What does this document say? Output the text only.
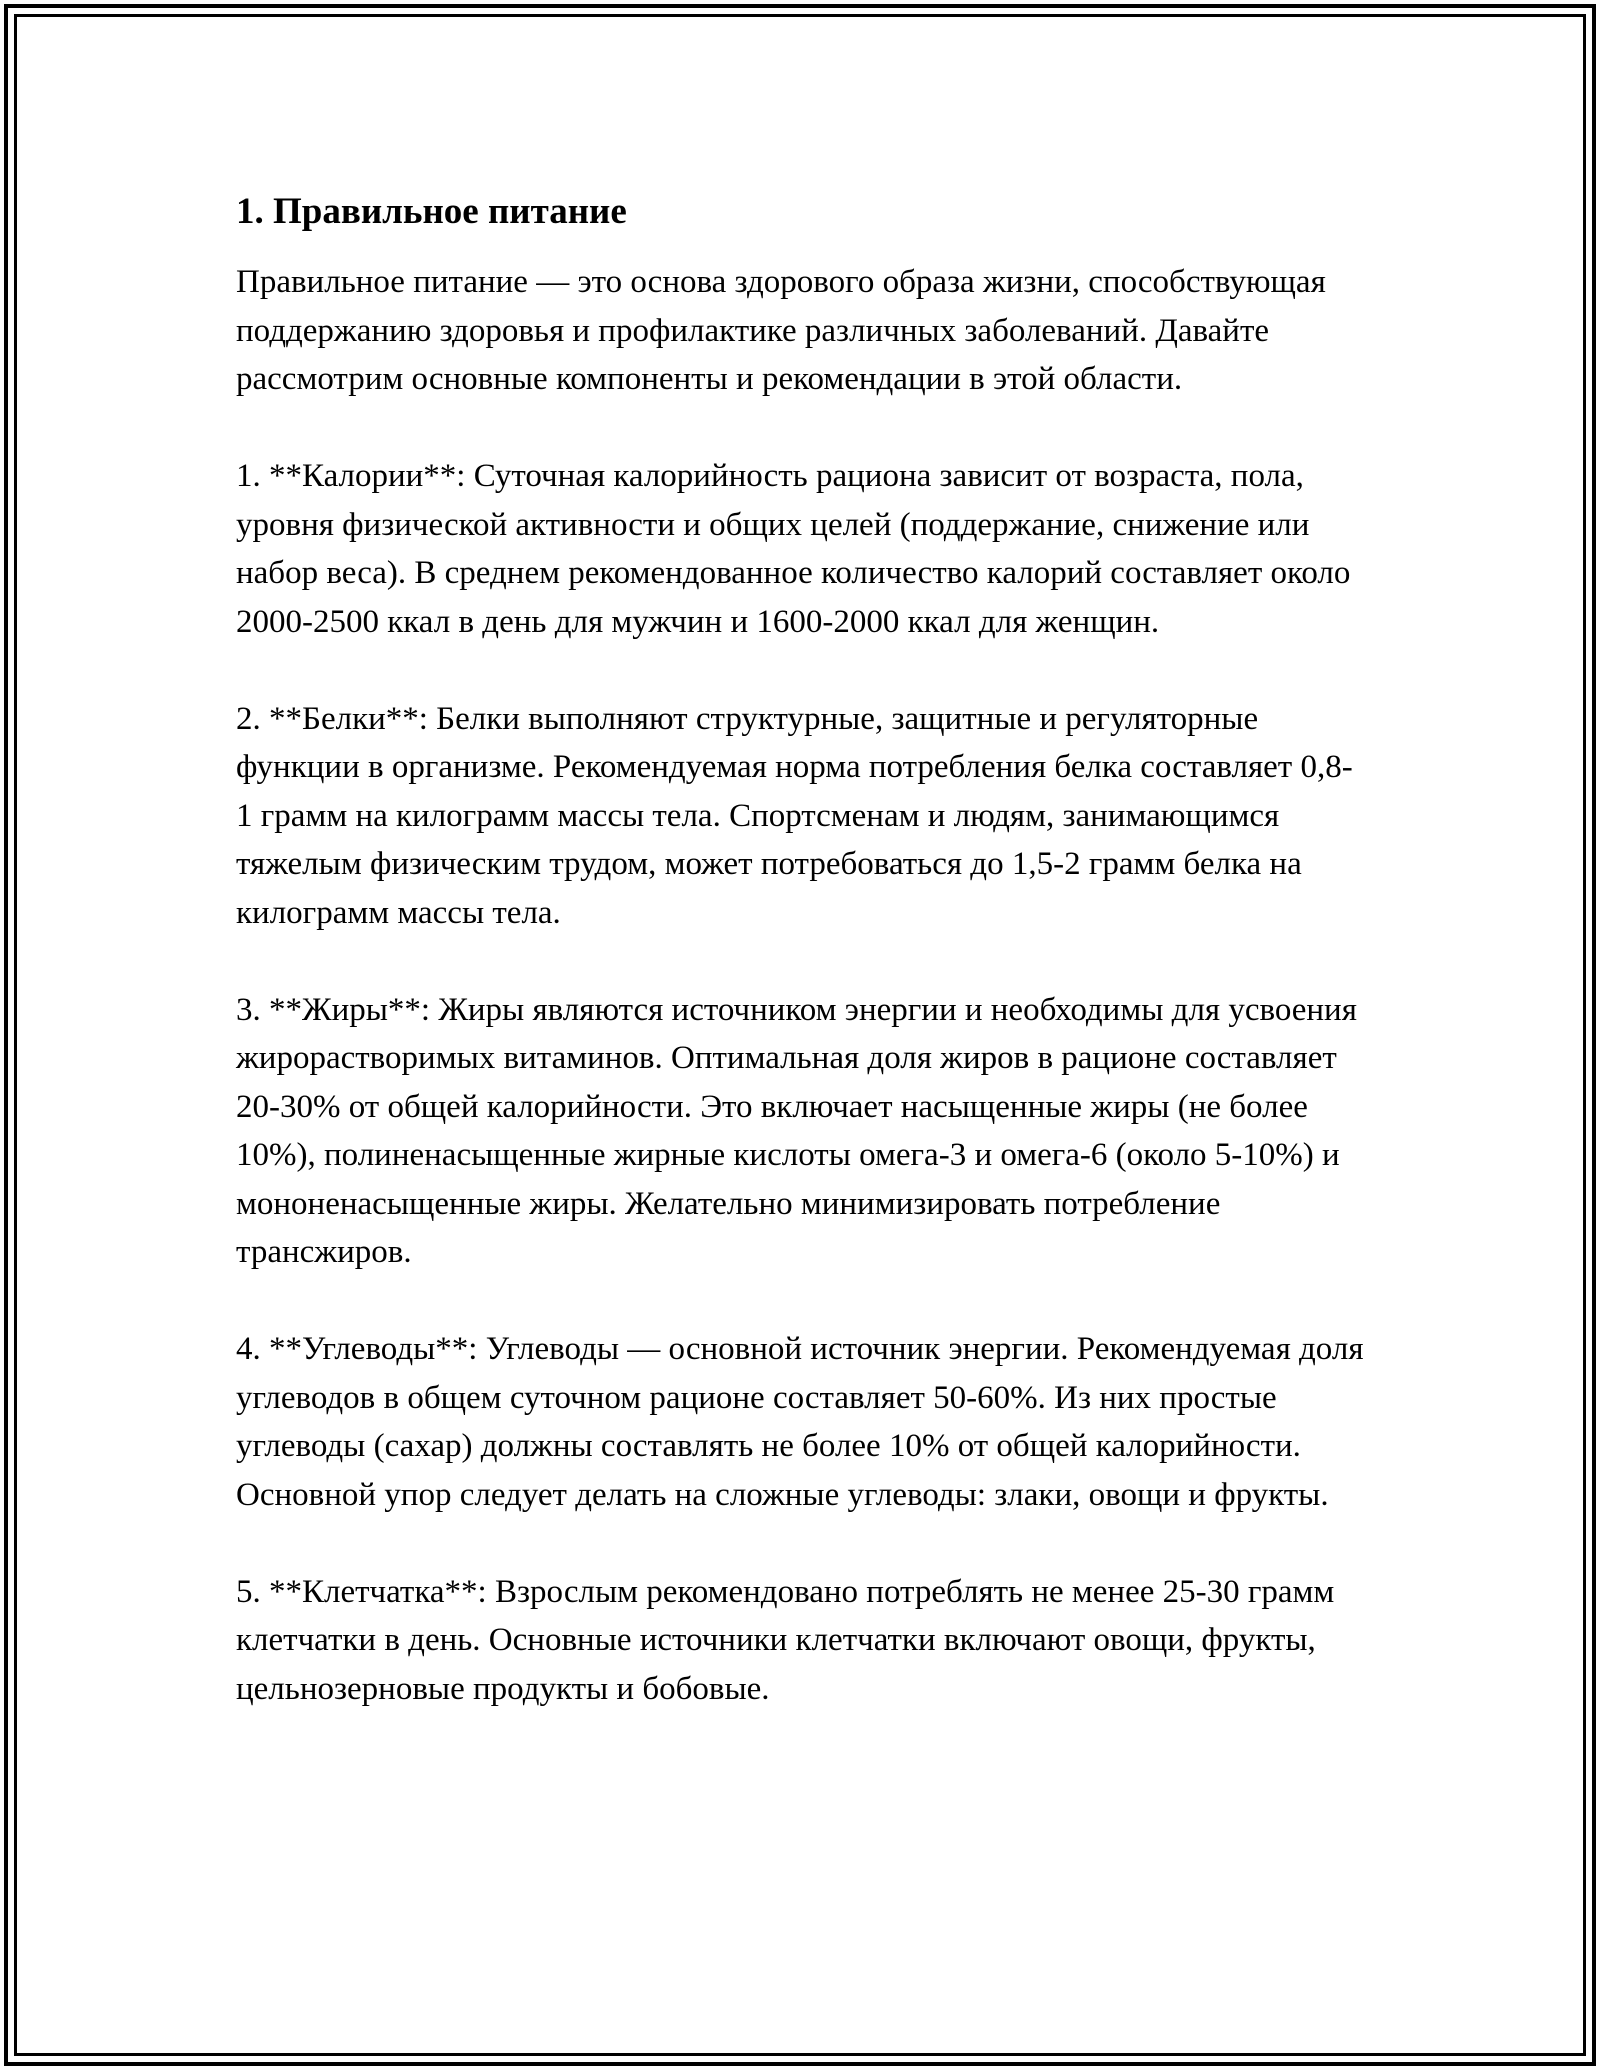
1. Правильное питание

Правильное питание — это основа здорового образа жизни, способствующая поддержанию здоровья и профилактике различных заболеваний. Давайте рассмотрим основные компоненты и рекомендации в этой области.

1. **Калории**: Суточная калорийность рациона зависит от возраста, пола, уровня физической активности и общих целей (поддержание, снижение или набор веса). В среднем рекомендованное количество калорий составляет около 2000-2500 ккал в день для мужчин и 1600-2000 ккал для женщин.

2. **Белки**: Белки выполняют структурные, защитные и регуляторные функции в организме. Рекомендуемая норма потребления белка составляет 0,8-1 грамм на килограмм массы тела. Спортсменам и людям, занимающимся тяжелым физическим трудом, может потребоваться до 1,5-2 грамм белка на килограмм массы тела.

3. **Жиры**: Жиры являются источником энергии и необходимы для усвоения жирорастворимых витаминов. Оптимальная доля жиров в рационе составляет 20-30% от общей калорийности. Это включает насыщенные жиры (не более 10%), полиненасыщенные жирные кислоты омега-3 и омега-6 (около 5-10%) и мононенасыщенные жиры. Желательно минимизировать потребление трансжиров.

4. **Углеводы**: Углеводы — основной источник энергии. Рекомендуемая доля углеводов в общем суточном рационе составляет 50-60%. Из них простые углеводы (сахар) должны составлять не более 10% от общей калорийности. Основной упор следует делать на сложные углеводы: злаки, овощи и фрукты.

5. **Клетчатка**: Взрослым рекомендовано потреблять не менее 25-30 грамм клетчатки в день. Основные источники клетчатки включают овощи, фрукты, цельнозерновые продукты и бобовые.
